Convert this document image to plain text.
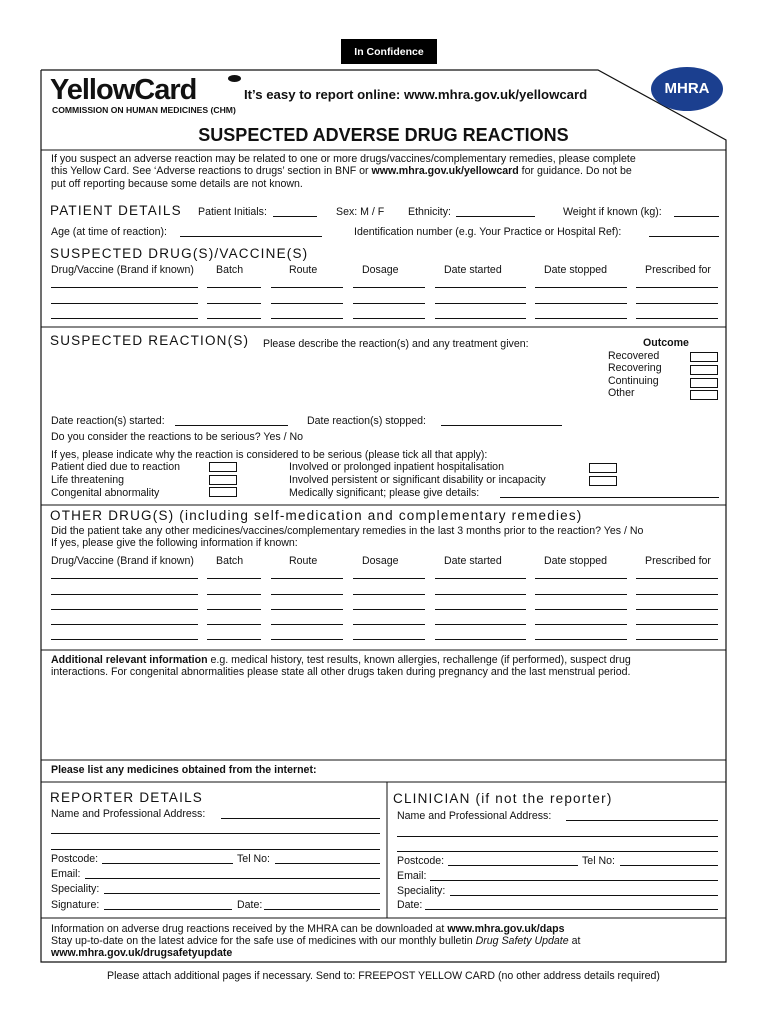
In Confidence
YellowCard
COMMISSION ON HUMAN MEDICINES (CHM)
It’s easy to report online: www.mhra.gov.uk/yellowcard	MHRA
SUSPECTED ADVERSE DRUG REACTIONS
If you suspect an adverse reaction may be related to one or more drugs/vaccines/complementary remedies, please complete
this Yellow Card. See ‘Adverse reactions to drugs’ section in BNF or www.mhra.gov.uk/yellowcard for guidance. Do not be
put off reporting because some details are not known.
PATIENT DETAILS Patient Initials:	Sex: M / F Ethnicity:	Weight if known (kg):
Age (at time of reaction):	Identification number (e.g. Your Practice or Hospital Ref):
SUSPECTED DRUG(S)/VACCINE(S)
Drug/Vaccine (Brand if known) Batch	Route	Dosage	Date started	Date stopped	Prescribed for
SUSPECTED REACTION(S) Please describe the reaction(s) and any treatment given:	Outcome
Recovered
Recovering
Continuing
Other
Date reaction(s) started:	Date reaction(s) stopped:
Do you consider the reactions to be serious? Yes / No
If yes, please indicate why the reaction is considered to be serious (please tick all that apply):
Patient died due to reaction
Life threatening
Congenital abnormality
Involved or prolonged inpatient hospitalisation
Involved persistent or significant disability or incapacity
Medically significant; please give details:
OTHER DRUG(S) (including self-medication and complementary remedies)
Did the patient take any other medicines/vaccines/complementary remedies in the last 3 months prior to the reaction? Yes / No
If yes, please give the following information if known:
Drug/Vaccine (Brand if known) Batch	Route	Dosage	Date started	Date stopped	Prescribed for
Additional relevant information e.g. medical history, test results, known allergies, rechallenge (if performed), suspect drug
interactions. For congenital abnormalities please state all other drugs taken during pregnancy and the last menstrual period.
Please list any medicines obtained from the internet:
REPORTER DETAILS
Name and Professional Address:
Postcode:	Tel No:
Email:
Speciality:
Signature:	Date:
CLINICIAN (if not the reporter)
Name and Professional Address:
Postcode:	Tel No:
Email:
Speciality:
Date:
Information on adverse drug reactions received by the MHRA can be downloaded at www.mhra.gov.uk/daps
Stay up-to-date on the latest advice for the safe use of medicines with our monthly bulletin Drug Safety Update at
www.mhra.gov.uk/drugsafetyupdate
Please attach additional pages if necessary. Send to: FREEPOST YELLOW CARD (no other address details required)
